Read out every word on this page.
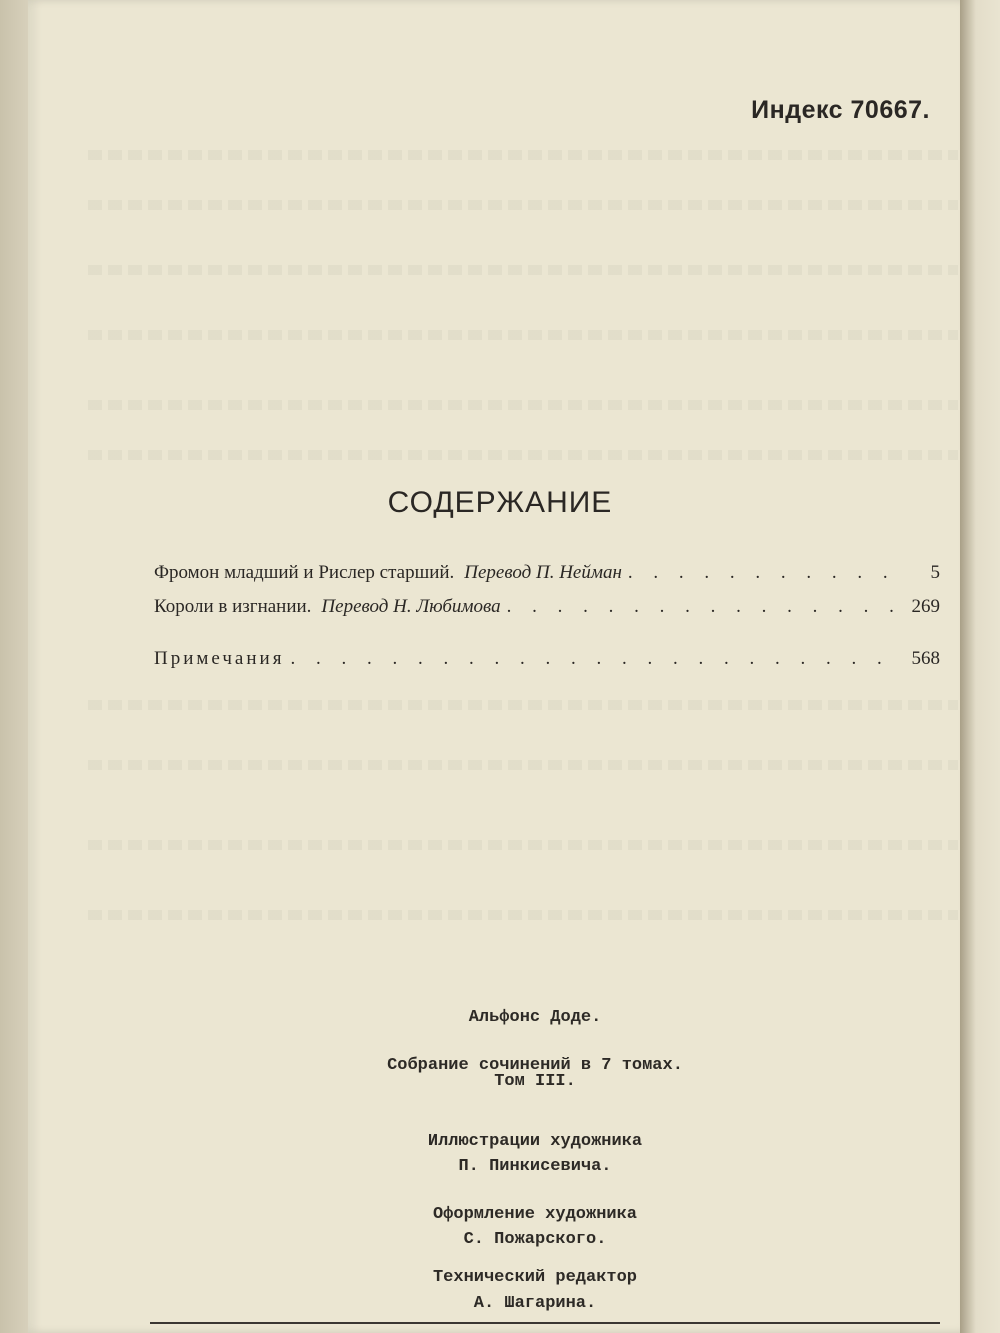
Индекс 70667.
СОДЕРЖАНИЕ
Фромон младший и Рислер старший. Перевод П. Нейман . . .	5
Короли в изгнании. Перевод Н. Любимова . . .	269
Примечания . . .	568
Альфонс Доде.
Собрание сочинений в 7 томах.
Том III.
Иллюстрации художника
П. Пинкисевича.
Оформление художника
С. Пожарского.
Технический редактор
А. Шагарина.
